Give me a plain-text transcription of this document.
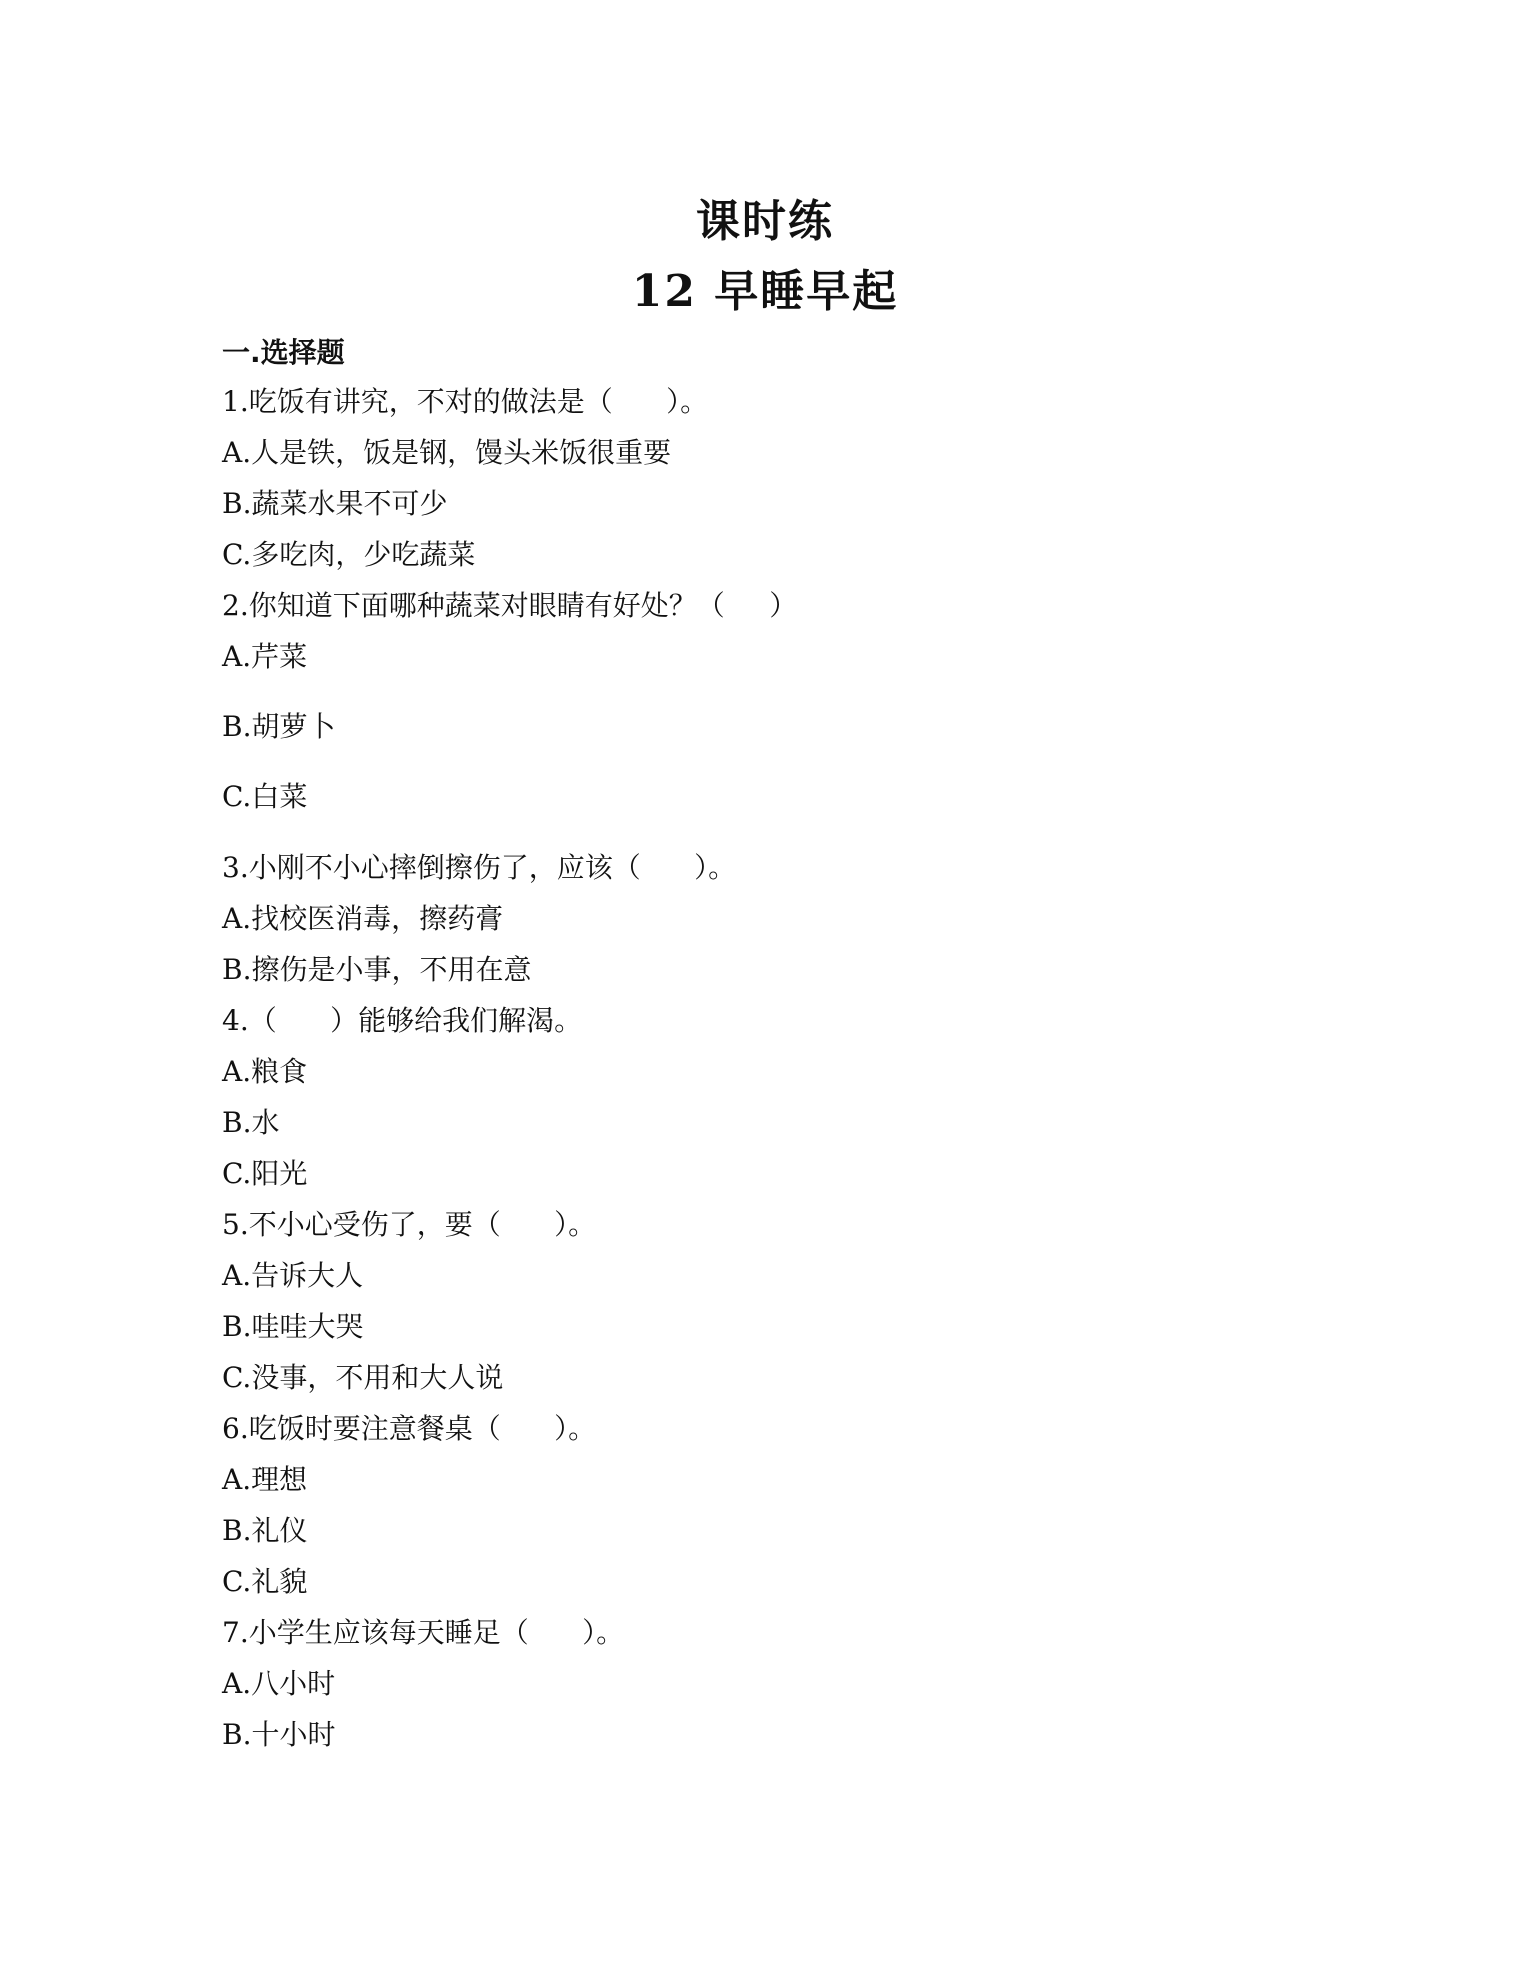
课时练
12 早睡早起
一.选择题
1.吃饭有讲究，不对的做法是（      ）。
A.人是铁，饭是钢，馒头米饭很重要
B.蔬菜水果不可少
C.多吃肉，少吃蔬菜
2.你知道下面哪种蔬菜对眼睛有好处？（     ）
A.芹菜
B.胡萝卜
C.白菜
3.小刚不小心摔倒擦伤了，应该（      ）。
A.找校医消毒，擦药膏
B.擦伤是小事，不用在意
4.（      ）能够给我们解渴。
A.粮食
B.水
C.阳光
5.不小心受伤了，要（      ）。
A.告诉大人
B.哇哇大哭
C.没事，不用和大人说
6.吃饭时要注意餐桌（      ）。
A.理想
B.礼仪
C.礼貌
7.小学生应该每天睡足（      ）。
A.八小时
B.十小时
